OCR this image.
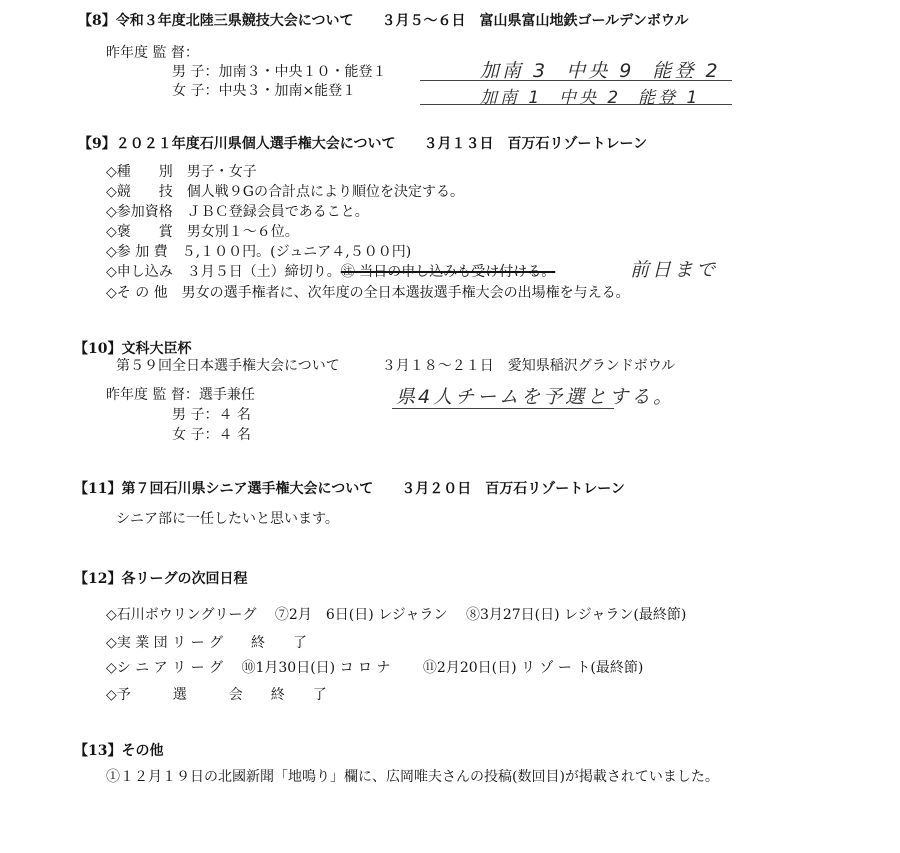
【8】令和３年度北陸三県競技大会について　　３月５～６日　富山県富山地鉄ゴールデンボウル
昨年度 監 督：
男 子：加南３・中央１０・能登１
女 子：中央３・加南×能登１
加南 3  中央 9  能登 2
加南 1  中央 2  能登 1
【9】２０２１年度石川県個人選手権大会について　　３月１３日　百万石リゾートレーン
◇種　　別　男子・女子
◇競　　技　個人戦９Gの合計点により順位を決定する。
◇参加資格　ＪＢＣ登録会員であること。
◇褒　　賞　男女別１～６位。
◇参 加 費　５,１００円。(ジュニア４,５００円)
◇申し込み　３月５日（土）締切り。㊟ 当日の申し込みも受け付ける。	前日まで
◇そ の 他　男女の選手権者に、次年度の全日本選抜選手権大会の出場権を与える。
【10】文科大臣杯
第５９回全日本選手権大会について　　　３月１８～２１日　愛知県稲沢グランドボウル
昨年度 監 督：選手兼任
男 子：４ 名
女 子：４ 名
県4人チームを予選とする。
【11】第７回石川県シニア選手権大会について　　３月２０日　百万石リゾートレーン
シニア部に一任したいと思います。
【12】各リーグの次回日程
◇石川ボウリングリーグ　 ⑦2月　6日(日) レジャラン　 ⑧3月27日(日) レジャラン(最終節)
◇実 業 団 リ ー グ　　終　　了
◇シ ニ ア リ ー グ　 ⑩1月30日(日) コ ロ ナ　　 ⑪2月20日(日) リ ゾ ー ト(最終節)
◇予　　　選　　　会　　終　　了
【13】その他
①１２月１９日の北國新聞「地鳴り」欄に、広岡唯夫さんの投稿(数回目)が掲載されていました。
